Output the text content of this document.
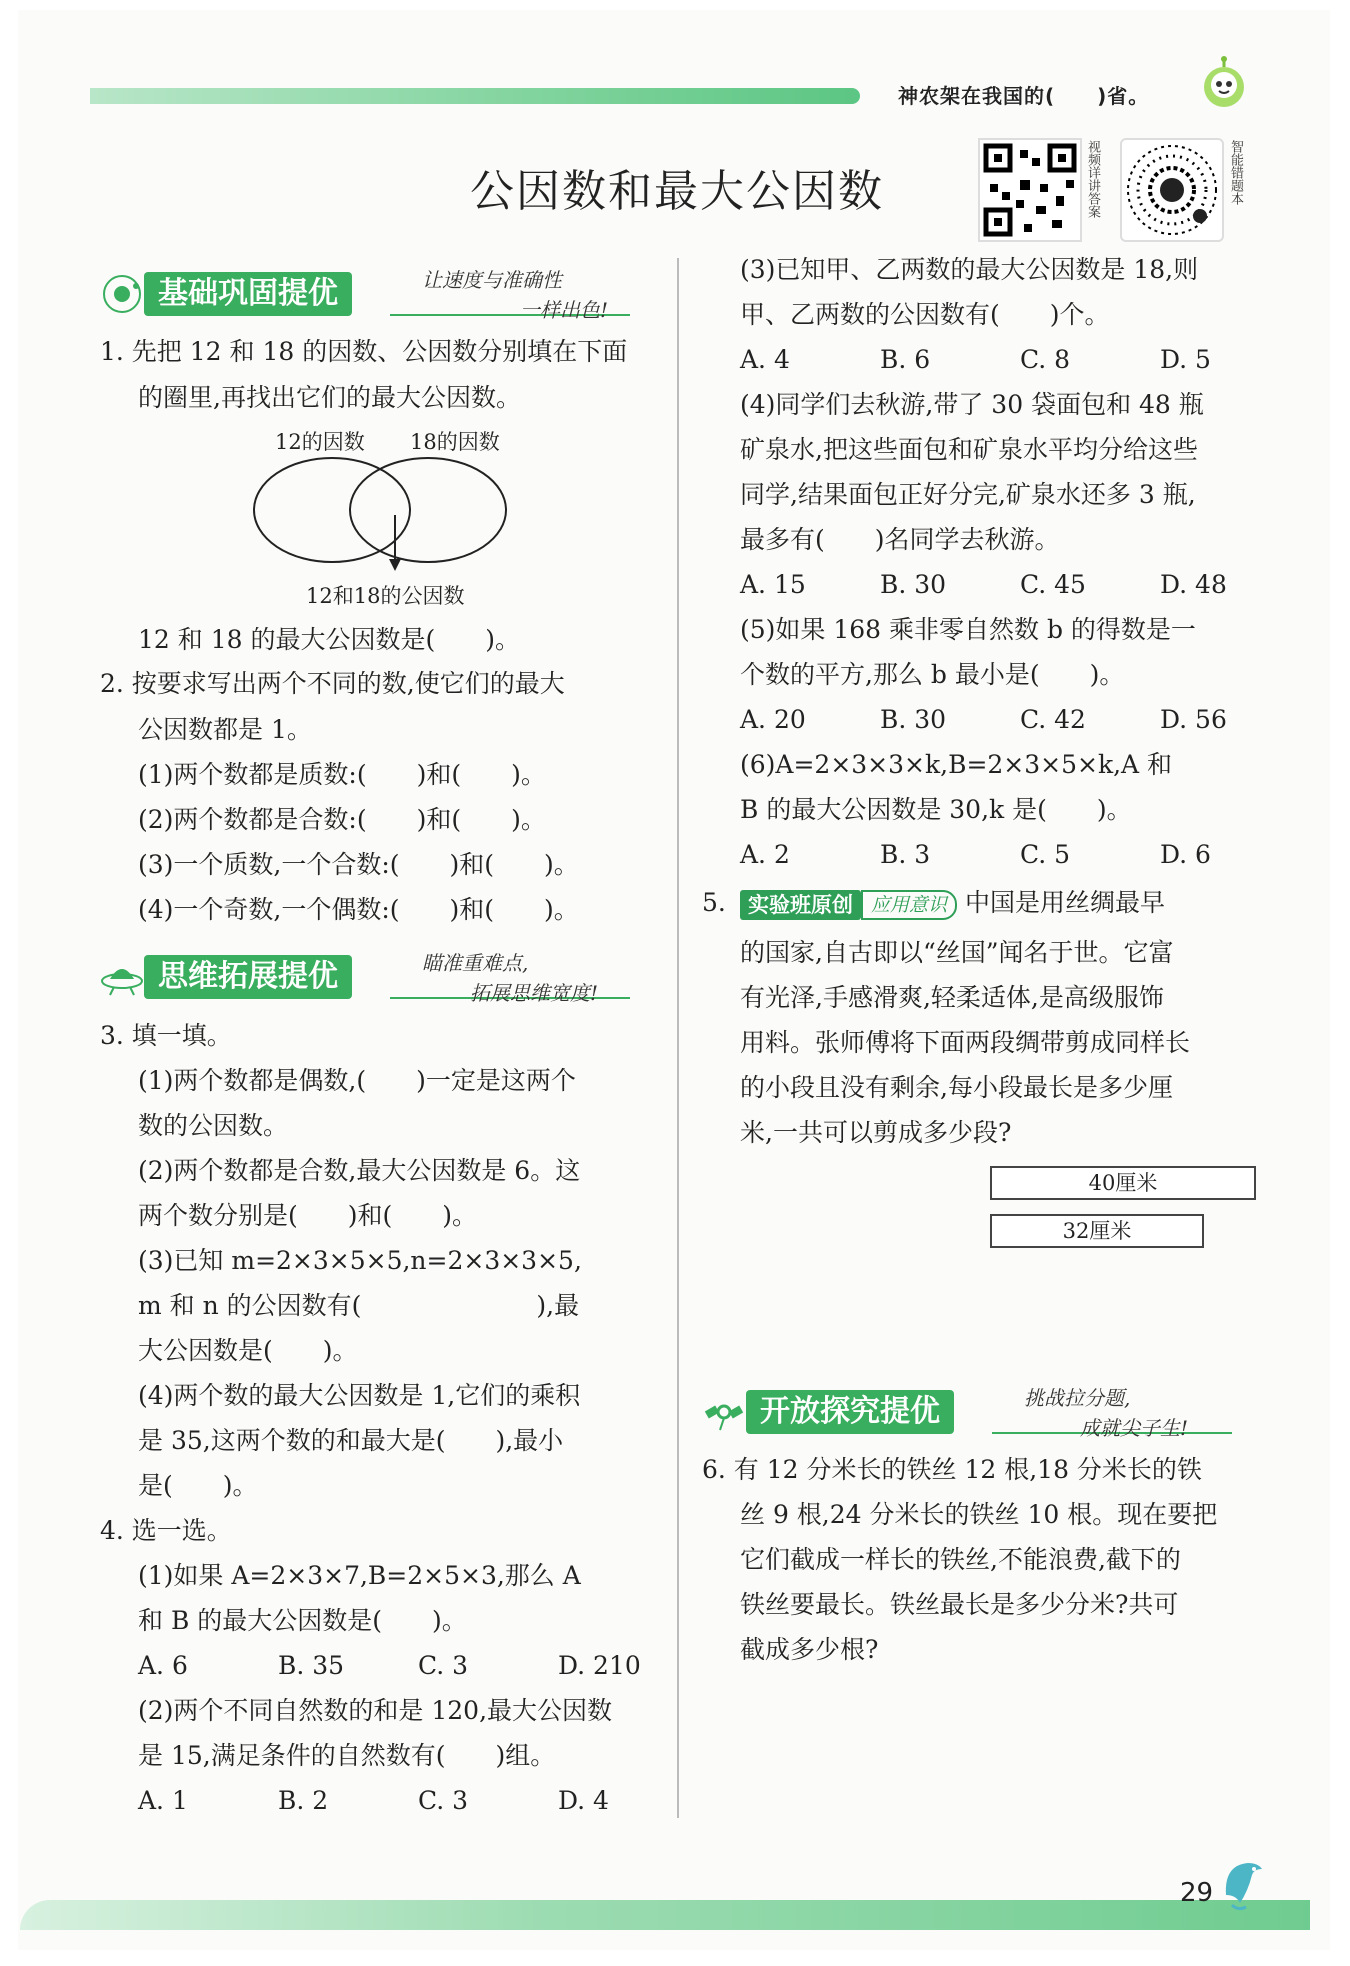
神农架在我国的(　　)省。
公因数和最大公因数	视频详讲答案	智能错题本
基础巩固提优	让速度与准确性
一样出色!
1. 先把 12 和 18 的因数、公因数分别填在下面
的圈里,再找出它们的最大公因数。
12的因数 18的因数
12和18的公因数
12 和 18 的最大公因数是(　　)。
2. 按要求写出两个不同的数,使它们的最大
公因数都是 1。
(1)两个数都是质数:(　　)和(　　)。
(2)两个数都是合数:(　　)和(　　)。
(3)一个质数,一个合数:(　　)和(　　)。
(4)一个奇数,一个偶数:(　　)和(　　)。
思维拓展提优	瞄准重难点,
拓展思维宽度!
3. 填一填。
(1)两个数都是偶数,(　　)一定是这两个
数的公因数。
(2)两个数都是合数,最大公因数是 6。这
两个数分别是(　　)和(　　)。
(3)已知 m=2×3×5×5,n=2×3×3×5,
m 和 n 的公因数有(　　　　　　　),最
大公因数是(　　)。
(4)两个数的最大公因数是 1,它们的乘积
是 35,这两个数的和最大是(　　),最小
是(　　)。
4. 选一选。
(1)如果 A=2×3×7,B=2×5×3,那么 A
和 B 的最大公因数是(　　)。
A. 6	B. 35	C. 3	D. 210
(2)两个不同自然数的和是 120,最大公因数
是 15,满足条件的自然数有(　　)组。
A. 1	B. 2	C. 3	D. 4
(3)已知甲、乙两数的最大公因数是 18,则
甲、乙两数的公因数有(　　)个。
A. 4	B. 6	C. 8	D. 5
(4)同学们去秋游,带了 30 袋面包和 48 瓶
矿泉水,把这些面包和矿泉水平均分给这些
同学,结果面包正好分完,矿泉水还多 3 瓶,
最多有(　　)名同学去秋游。
A. 15	B. 30	C. 45	D. 48
(5)如果 168 乘非零自然数 b 的得数是一
个数的平方,那么 b 最小是(　　)。
A. 20	B. 30	C. 42	D. 56
(6)A=2×3×3×k,B=2×3×5×k,A 和
B 的最大公因数是 30,k 是(　　)。
A. 2	B. 3	C. 5	D. 6
5.	实验班原创 应用意识 中国是用丝绸最早
的国家,自古即以“丝国”闻名于世。它富
有光泽,手感滑爽,轻柔适体,是高级服饰
用料。张师傅将下面两段绸带剪成同样长
的小段且没有剩余,每小段最长是多少厘
米,一共可以剪成多少段?
40厘米
32厘米
开放探究提优	挑战拉分题,
成就尖子生!
6. 有 12 分米长的铁丝 12 根,18 分米长的铁
丝 9 根,24 分米长的铁丝 10 根。现在要把
它们截成一样长的铁丝,不能浪费,截下的
铁丝要最长。铁丝最长是多少分米?共可
截成多少根?
29
